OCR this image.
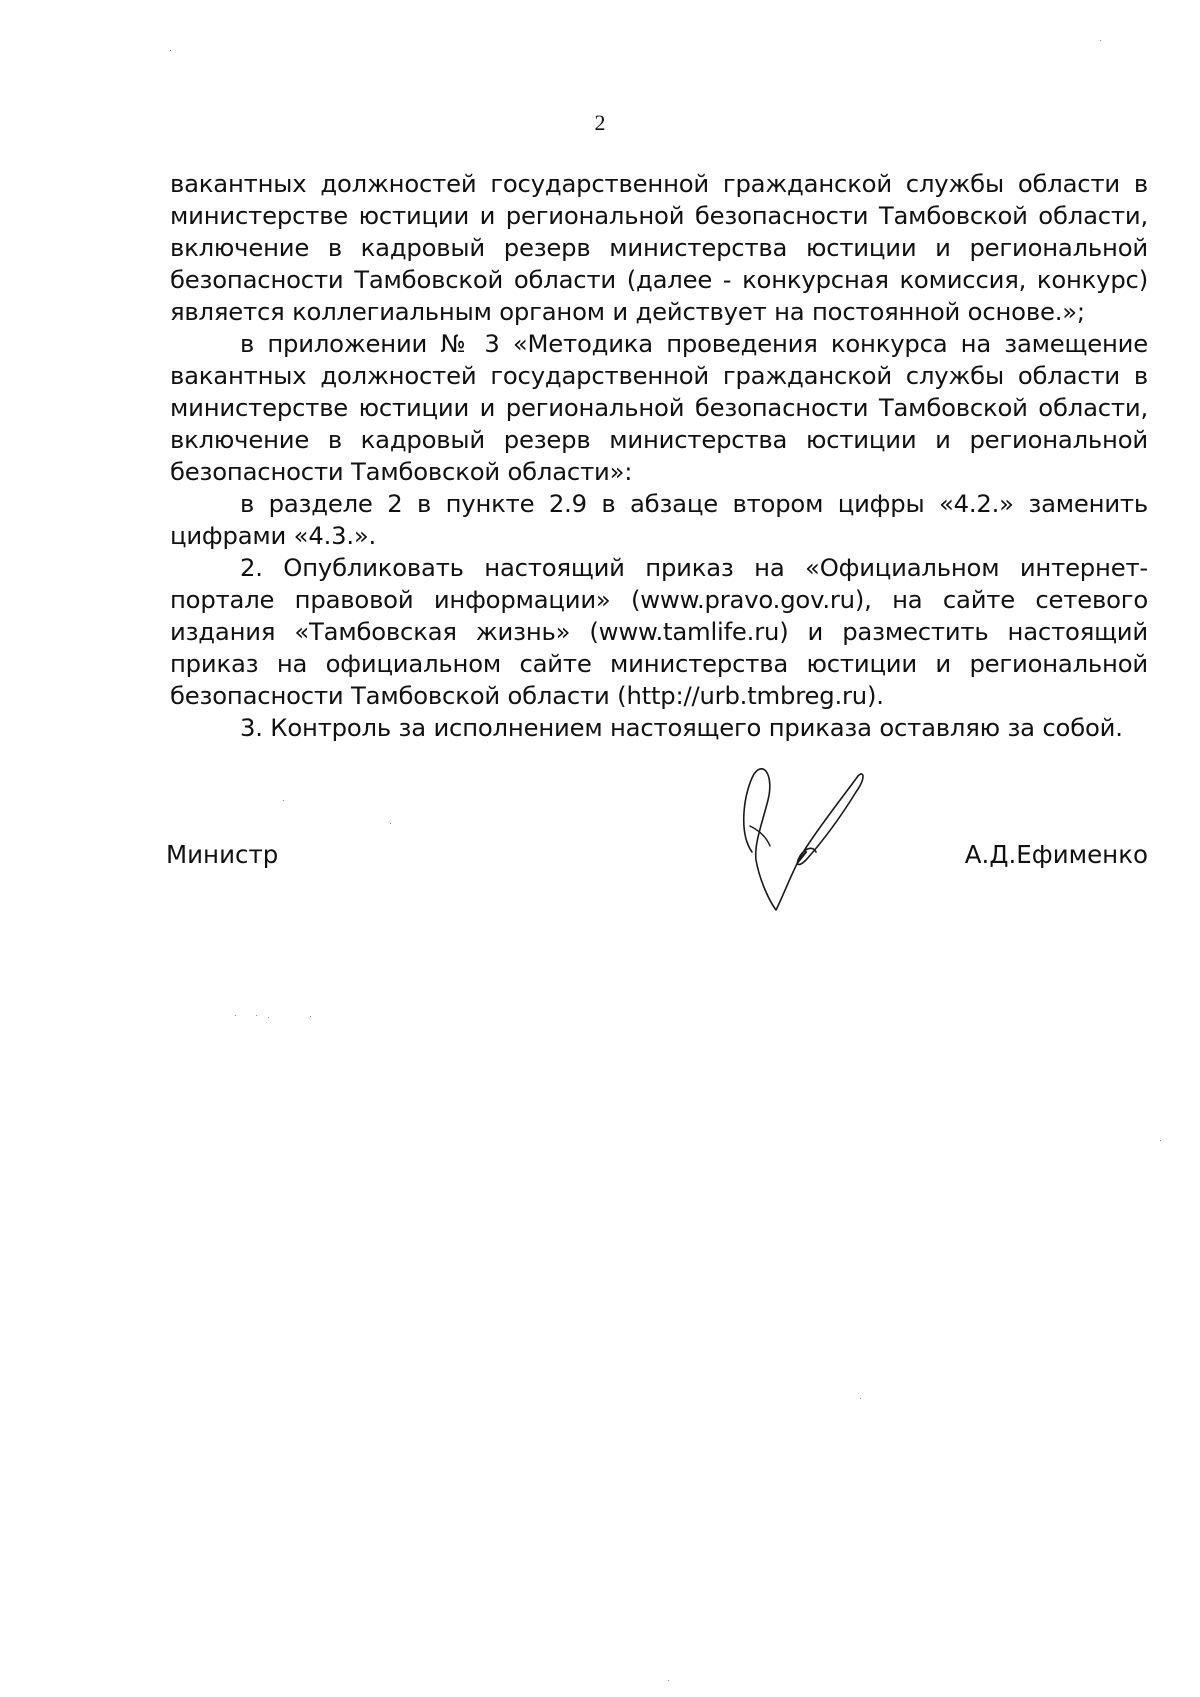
2

вакантных должностей государственной гражданской службы области в министерстве юстиции и региональной безопасности Тамбовской области, включение в кадровый резерв министерства юстиции и региональной безопасности Тамбовской области (далее - конкурсная комиссия, конкурс) является коллегиальным органом и действует на постоянной основе.»;

в приложении № 3 «Методика проведения конкурса на замещение вакантных должностей государственной гражданской службы области в министерстве юстиции и региональной безопасности Тамбовской области, включение в кадровый резерв министерства юстиции и региональной безопасности Тамбовской области»:

в разделе 2 в пункте 2.9 в абзаце втором цифры «4.2.» заменить цифрами «4.3.».

2. Опубликовать настоящий приказ на «Официальном интернет-портале правовой информации» (www.pravo.gov.ru), на сайте сетевого издания «Тамбовская жизнь» (www.tamlife.ru) и разместить настоящий приказ на официальном сайте министерства юстиции и региональной безопасности Тамбовской области (http://urb.tmbreg.ru).

3. Контроль за исполнением настоящего приказа оставляю за собой.

Министр	А.Д.Ефименко
